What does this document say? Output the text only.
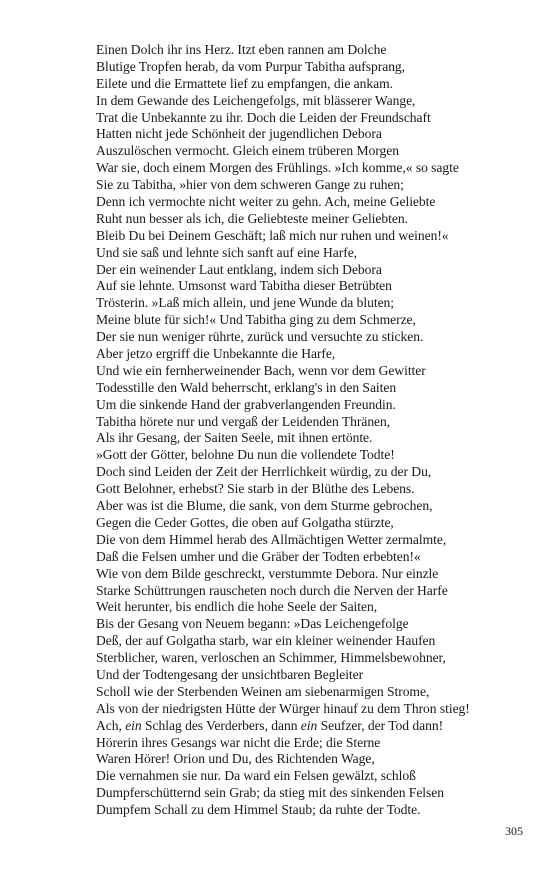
Einen Dolch ihr ins Herz. Itzt eben rannen am Dolche
Blutige Tropfen herab, da vom Purpur Tabitha aufsprang,
Eilete und die Ermattete lief zu empfangen, die ankam.
In dem Gewande des Leichengefolgs, mit blässerer Wange,
Trat die Unbekannte zu ihr. Doch die Leiden der Freundschaft
Hatten nicht jede Schönheit der jugendlichen Debora
Auszulöschen vermocht. Gleich einem trüberen Morgen
War sie, doch einem Morgen des Frühlings. »Ich komme,« so sagte
Sie zu Tabitha, »hier von dem schweren Gange zu ruhen;
Denn ich vermochte nicht weiter zu gehn. Ach, meine Geliebte
Ruht nun besser als ich, die Geliebteste meiner Geliebten.
Bleib Du bei Deinem Geschäft; laß mich nur ruhen und weinen!«
Und sie saß und lehnte sich sanft auf eine Harfe,
Der ein weinender Laut entklang, indem sich Debora
Auf sie lehnte. Umsonst ward Tabitha dieser Betrübten
Trösterin. »Laß mich allein, und jene Wunde da bluten;
Meine blute für sich!« Und Tabitha ging zu dem Schmerze,
Der sie nun weniger rührte, zurück und versuchte zu sticken.
Aber jetzo ergriff die Unbekannte die Harfe,
Und wie ein fernherweinender Bach, wenn vor dem Gewitter
Todesstille den Wald beherrscht, erklang's in den Saiten
Um die sinkende Hand der grabverlangenden Freundin.
Tabitha hörete nur und vergaß der Leidenden Thränen,
Als ihr Gesang, der Saiten Seele, mit ihnen ertönte.
»Gott der Götter, belohne Du nun die vollendete Todte!
Doch sind Leiden der Zeit der Herrlichkeit würdig, zu der Du,
Gott Belohner, erhebst? Sie starb in der Blüthe des Lebens.
Aber was ist die Blume, die sank, von dem Sturme gebrochen,
Gegen die Ceder Gottes, die oben auf Golgatha stürzte,
Die von dem Himmel herab des Allmächtigen Wetter zermalmte,
Daß die Felsen umher und die Gräber der Todten erbebten!«
Wie von dem Bilde geschreckt, verstummte Debora. Nur einzle
Starke Schüttrungen rauscheten noch durch die Nerven der Harfe
Weit herunter, bis endlich die hohe Seele der Saiten,
Bis der Gesang von Neuem begann: »Das Leichengefolge
Deß, der auf Golgatha starb, war ein kleiner weinender Haufen
Sterblicher, waren, verloschen an Schimmer, Himmelsbewohner,
Und der Todtengesang der unsichtbaren Begleiter
Scholl wie der Sterbenden Weinen am siebenarmigen Strome,
Als von der niedrigsten Hütte der Würger hinauf zu dem Thron stieg!
Ach, ein Schlag des Verderbers, dann ein Seufzer, der Tod dann!
Hörerin ihres Gesangs war nicht die Erde; die Sterne
Waren Hörer! Orion und Du, des Richtenden Wage,
Die vernahmen sie nur. Da ward ein Felsen gewälzt, schloß
Dumpferschütternd sein Grab; da stieg mit des sinkenden Felsen
Dumpfem Schall zu dem Himmel Staub; da ruhte der Todte.
305
